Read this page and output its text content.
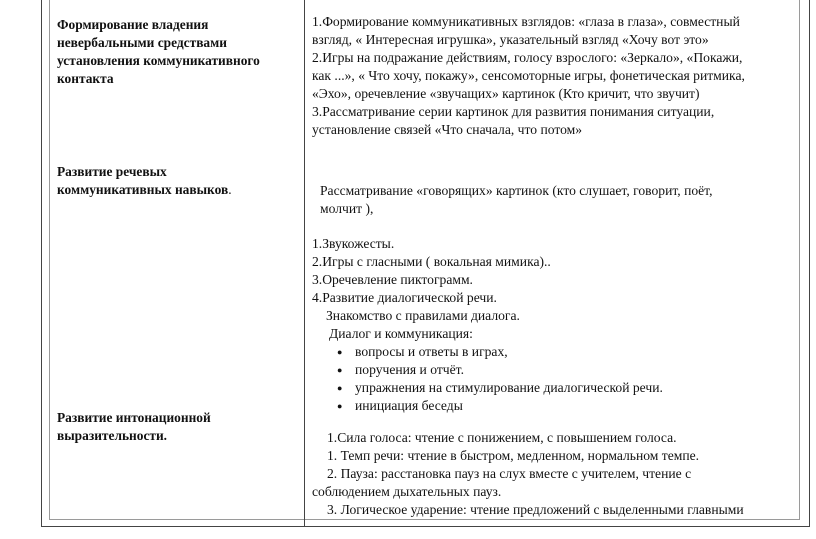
Формирование владения
невербальными средствами
установления коммуникативного
контакта
Развитие речевых
коммуникативных навыков.
Развитие интонационной
выразительности.
1.Формирование коммуникативных взглядов: «глаза в глаза», совместный
взгляд, « Интересная игрушка», указательный взгляд «Хочу вот это»
2.Игры на подражание действиям, голосу взрослого: «Зеркало», «Покажи,
как ...», « Что хочу, покажу», сенсомоторные игры, фонетическая ритмика,
«Эхо», оречевление «звучащих» картинок (Кто кричит, что звучит)
3.Рассматривание серии картинок для развития понимания ситуации,
установление связей «Что сначала, что потом»
Рассматривание «говорящих» картинок (кто слушает, говорит, поёт,
молчит ),
1.Звукожесты.
2.Игры с гласными ( вокальная мимика)..
3.Оречевление пиктограмм.
4.Развитие диалогической речи.
Знакомство с правилами диалога.
Диалог и коммуникация:
вопросы и ответы в играх,
поручения и отчёт.
упражнения на стимулирование диалогической речи.
инициация беседы
1.Сила голоса: чтение с понижением, с повышением голоса.
1. Темп речи: чтение в быстром, медленном, нормальном темпе.
2. Пауза: расстановка пауз на слух вместе с учителем, чтение с
соблюдением дыхательных пауз.
3. Логическое ударение: чтение предложений с выделенными главными
